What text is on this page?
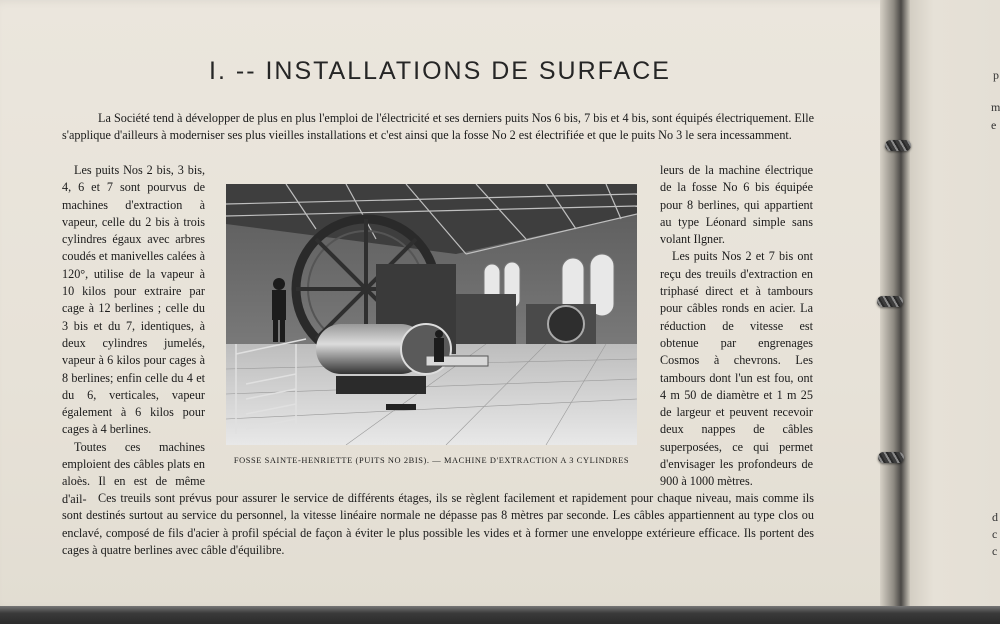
p
m
e
d
c
c
I. -- INSTALLATIONS DE SURFACE

La Société tend à développer de plus en plus l'emploi de l'électricité et ses derniers puits Nos 6 bis, 7 bis et 4 bis, sont équipés électriquement. Elle s'applique d'ailleurs à moderniser ses plus vieilles installations et c'est ainsi que la fosse No 2 est électrifiée et que le puits No 3 le sera incessamment.

Les puits Nos 2 bis, 3 bis, 4, 6 et 7 sont pourvus de machines d'extraction à vapeur, celle du 2 bis à trois cylindres égaux avec arbres coudés et manivelles calées à 120°, utilise de la vapeur à 10 kilos pour extraire par cage à 12 berlines ; celle du 3 bis et du 7, identiques, à deux cylindres jumelés, vapeur à 6 kilos pour cages à 8 berlines; enfin celle du 4 et du 6, verticales, vapeur également à 6 kilos pour cages à 4 berlines.

Toutes ces machines emploient des câbles plats en aloès. Il en est de même d'ail-

leurs de la machine électrique de la fosse No 6 bis équipée pour 8 berlines, qui appartient au type Léonard simple sans volant Ilgner.

Les puits Nos 2 et 7 bis ont reçu des treuils d'extraction en triphasé direct et à tambours pour câbles ronds en acier. La réduction de vitesse est obtenue par engrenages Cosmos à chevrons. Les tambours dont l'un est fou, ont 4 m 50 de diamètre et 1 m 25 de largeur et peuvent recevoir deux nappes de câbles superposées, ce qui permet d'envisager les profondeurs de 900 à 1000 mètres.

FOSSE SAINTE-HENRIETTE (PUITS NO 2BIS). — MACHINE D'EXTRACTION A 3 CYLINDRES

Ces treuils sont prévus pour assurer le service de différents étages, ils se règlent facilement et rapidement pour chaque niveau, mais comme ils sont destinés surtout au service du personnel, la vitesse linéaire normale ne dépasse pas 8 mètres par seconde. Les câbles appartiennent au type clos ou enclavé, composé de fils d'acier à profil spécial de façon à éviter le plus possible les vides et à former une enveloppe extérieure efficace. Ils portent des cages à quatre berlines avec câble d'équilibre.
